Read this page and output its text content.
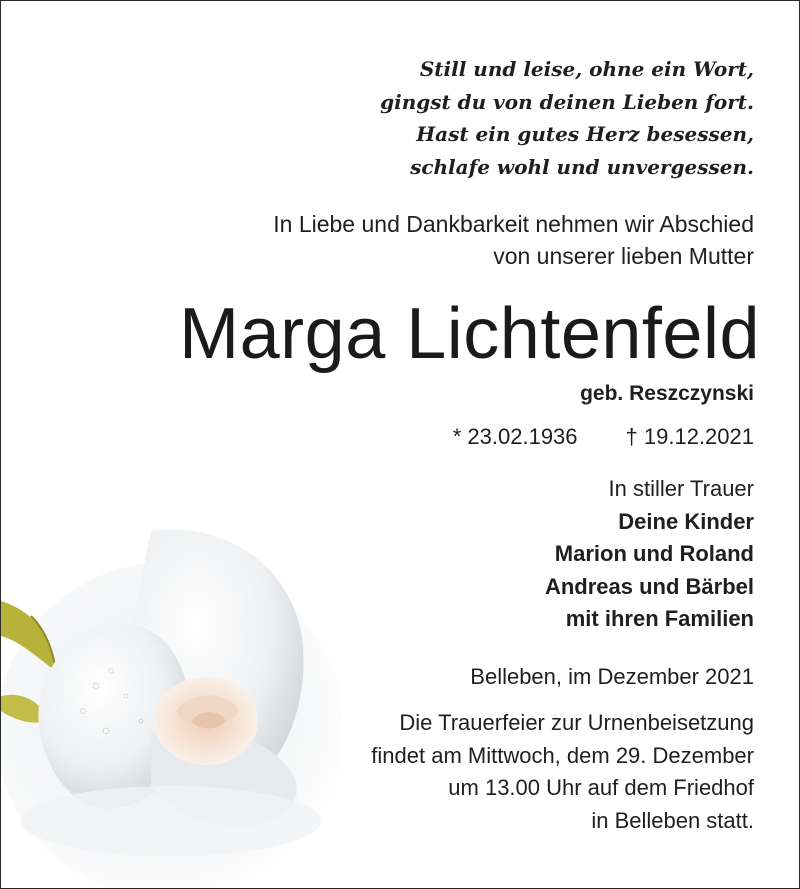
Still und leise, ohne ein Wort,
gingst du von deinen Lieben fort.
Hast ein gutes Herz besessen,
schlafe wohl und unvergessen.
In Liebe und Dankbarkeit nehmen wir Abschied
von unserer lieben Mutter
Marga Lichtenfeld
geb. Reszczynski
* 23.02.1936 † 19.12.2021
In stiller Trauer
Deine Kinder
Marion und Roland
Andreas und Bärbel
mit ihren Familien
Belleben, im Dezember 2021
Die Trauerfeier zur Urnenbeisetzung
findet am Mittwoch, dem 29. Dezember
um 13.00 Uhr auf dem Friedhof
in Belleben statt.
